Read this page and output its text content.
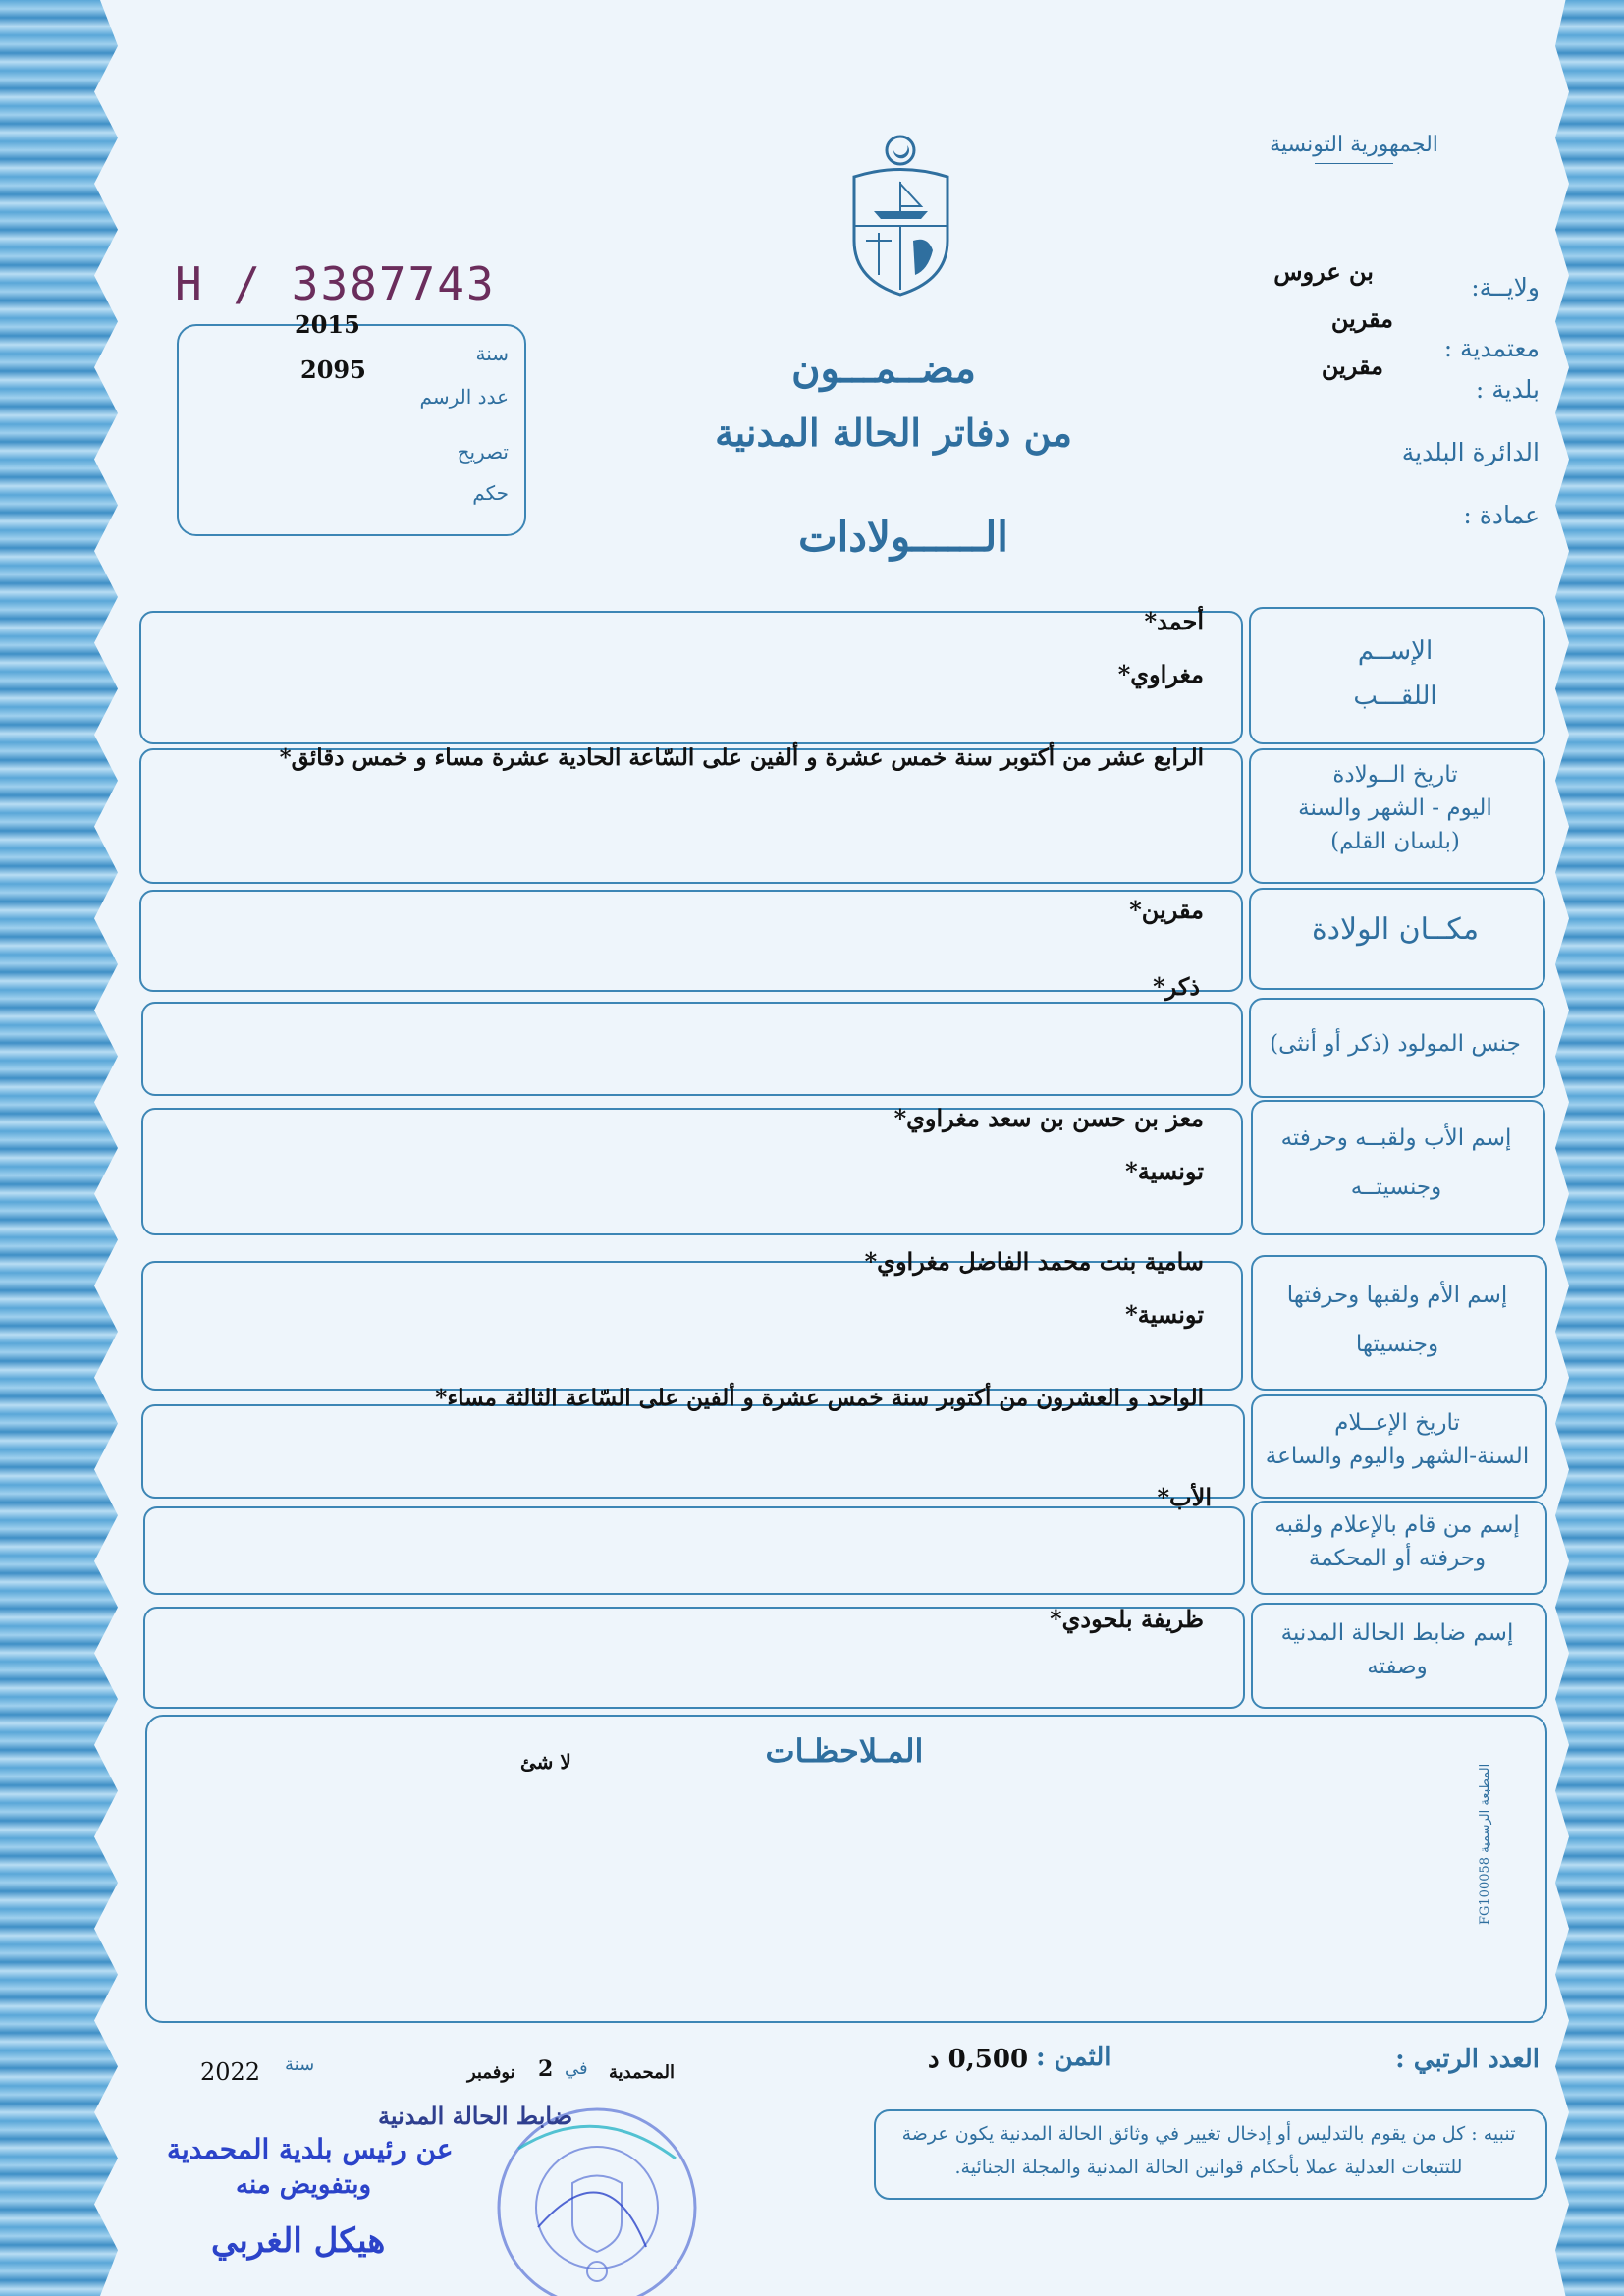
الجمهورية التونسية
ولايــة:
بن عروس
معتمدية :
مقرين
بلدية :
مقرين
الدائرة البلدية
عمادة :
H / 3387743
سنة
2015
عدد الرسم
2095
تصريح
حكم
مضــمـــون
من دفاتر الحالة المدنية
الــــــولادات
الإســم
اللقـــب
أحمد*
مغراوي*
تاريخ الــولادة
اليوم - الشهر والسنة
(بلسان القلم)
الرابع عشر من أكتوبر سنة خمس عشرة و ألفين على السّاعة الحادية عشرة مساء و خمس دقائق*
مكــان الولادة
مقرين*
جنس المولود (ذكر أو أنثى)
ذكر*
إسم الأب ولقبــه وحرفته
وجنسيتــه
معز بن حسن بن سعد مغراوي*
تونسية*
إسم الأم ولقبها وحرفتها
وجنسيتها
سامية بنت محمد الفاضل مغراوي*
تونسية*
تاريخ الإعــلام
السنة-الشهر واليوم والساعة
الواحد و العشرون من أكتوبر سنة خمس عشرة و ألفين على السّاعة الثالثة مساء*
إسم من قام بالإعلام ولقبه
وحرفته أو المحكمة
الأب*
إسم ضابط الحالة المدنية
وصفته
ظريفة بلحودي*
المـلاحظـات
لا شئ
المطبعة الرسمية FG100058
العدد الرتبي :
الثمن :
0,500 د
المحمدية
في
2
نوفمبر
سنة
2022
ضابط الحالة المدنية
عن رئيس بلدية المحمدية
وبتفويض منه
هيكل الغربي
تنبيه : كل من يقوم بالتدليس أو إدخال تغيير في وثائق الحالة المدنية يكون عرضة للتتبعات العدلية عملا بأحكام قوانين الحالة المدنية والمجلة الجنائية.
